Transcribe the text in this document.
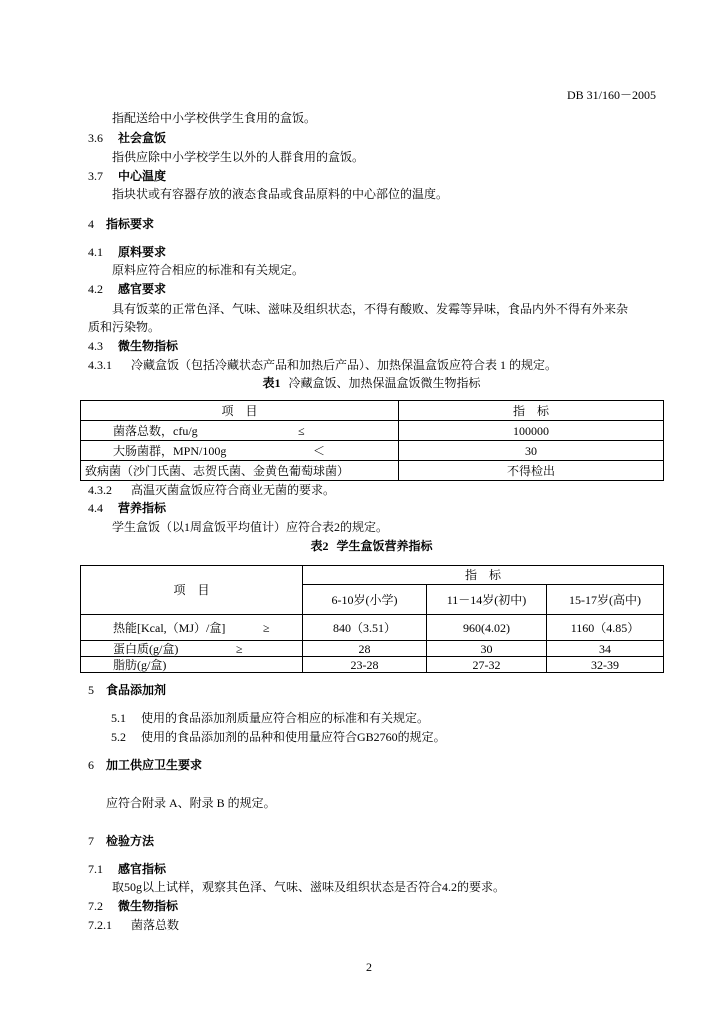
DB 31/160－2005
指配送给中小学校供学生食用的盒饭。
3.6 社会盒饭
指供应除中小学校学生以外的人群食用的盒饭。
3.7 中心温度
指块状或有容器存放的液态食品或食品原料的中心部位的温度。
4 指标要求
4.1 原料要求
原料应符合相应的标准和有关规定。
4.2 感官要求
具有饭菜的正常色泽、气味、滋味及组织状态，不得有酸败、发霉等异味，食品内外不得有外来杂
质和污染物。
4.3 微生物指标
4.3.1 冷藏盒饭（包括冷藏状态产品和加热后产品）、加热保温盒饭应符合表 1 的规定。
表1 冷藏盒饭、加热保温盒饭微生物指标
项    目	指    标
菌落总数，cfu/g ≤	100000
大肠菌群，MPN/100g ＜	30
致病菌（沙门氏菌、志贺氏菌、金黄色葡萄球菌）	不得检出
4.3.2 高温灭菌盒饭应符合商业无菌的要求。
4.4 营养指标
学生盒饭（以1周盒饭平均值计）应符合表2的规定。
表2 学生盒饭营养指标
项    目	指    标		
	6-10岁(小学)	11－14岁(初中)	15-17岁(高中)
热能[Kcal,（MJ）/盒] ≥	840（3.51）	960(4.02)	1160（4.85）
蛋白质(g/盒) ≥	28	30	34
脂肪(g/盒)	23-28	27-32	32-39
5 食品添加剂
5.1 使用的食品添加剂质量应符合相应的标准和有关规定。
5.2 使用的食品添加剂的品种和使用量应符合GB2760的规定。
6 加工供应卫生要求
应符合附录 A、附录 B 的规定。
7 检验方法
7.1 感官指标
取50g以上试样，观察其色泽、气味、滋味及组织状态是否符合4.2的要求。
7.2 微生物指标
7.2.1 菌落总数
2
